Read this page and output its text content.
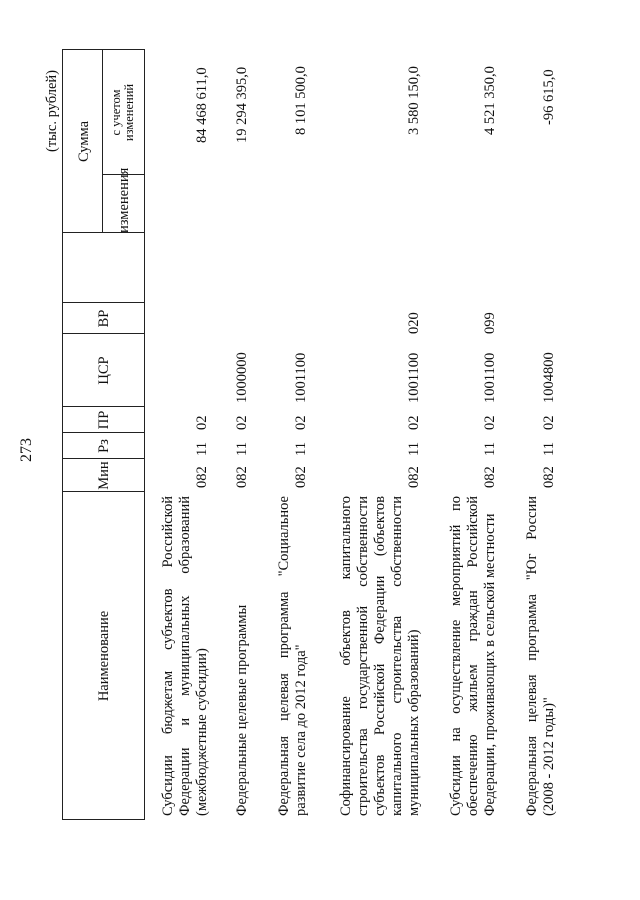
273
(тыс. рублей)
Наименование
Мин
Рз
ПР
ЦСР
ВР
Сумма
изменения
с учетом изменений
Субсидии бюджетам субъектов Российской Федерации и муниципальных образований (межбюджетные субсидии)
082
11
02
84 468 611,0
Федеральные целевые программы
082
11
02
1000000
19 294 395,0
Федеральная целевая программа "Социальное развитие села до 2012 года"
082
11
02
1001100
8 101 500,0
Софинансирование объектов капитального строительства государственной собственности субъектов Российской Федерации (объектов капитального строительства собственности муниципальных образований)
082
11
02
1001100
020
3 580 150,0
Субсидии на осуществление мероприятий по обеспечению жильем граждан Российской Федерации, проживающих в сельской местности
082
11
02
1001100
099
4 521 350,0
Федеральная целевая программа "Юг России (2008 - 2012 годы)"
082
11
02
1004800
-96 615,0
